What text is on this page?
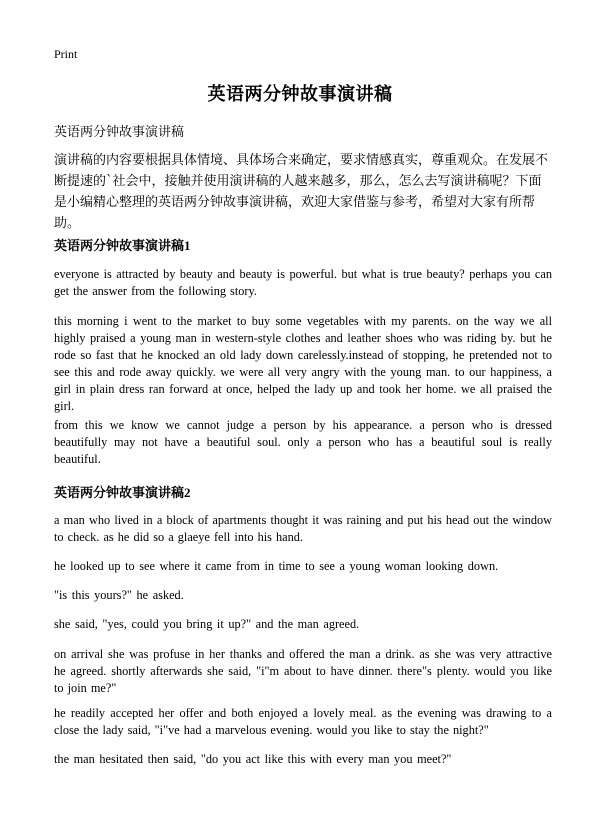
Print
英语两分钟故事演讲稿
英语两分钟故事演讲稿
演讲稿的内容要根据具体情境、具体场合来确定，要求情感真实，尊重观众。在发展不断提速的`社会中，接触并使用演讲稿的人越来越多，那么，怎么去写演讲稿呢？下面是小编精心整理的英语两分钟故事演讲稿，欢迎大家借鉴与参考，希望对大家有所帮助。
英语两分钟故事演讲稿1
everyone is attracted by beauty and beauty is powerful. but what is true beauty? perhaps you can get the answer from the following story.
this morning i went to the market to buy some vegetables with my parents. on the way we all highly praised a young man in western-style clothes and leather shoes who was riding by. but he rode so fast that he knocked an old lady down carelessly.instead of stopping, he pretended not to see this and rode away quickly. we were all very angry with the young man. to our happiness, a girl in plain dress ran forward at once, helped the lady up and took her home. we all praised the girl.
from this we know we cannot judge a person by his appearance. a person who is dressed beautifully may not have a beautiful soul. only a person who has a beautiful soul is really beautiful.
英语两分钟故事演讲稿2
a man who lived in a block of apartments thought it was raining and put his head out the window to check. as he did so a glaeye fell into his hand.
he looked up to see where it came from in time to see a young woman looking down.
"is this yours?" he asked.
she said, "yes, could you bring it up?" and the man agreed.
on arrival she was profuse in her thanks and offered the man a drink. as she was very attractive he agreed. shortly afterwards she said, "i"m about to have dinner. there"s plenty. would you like to join me?"
he readily accepted her offer and both enjoyed a lovely meal. as the evening was drawing to a close the lady said, "i"ve had a marvelous evening. would you like to stay the night?"
the man hesitated then said, "do you act like this with every man you meet?"
